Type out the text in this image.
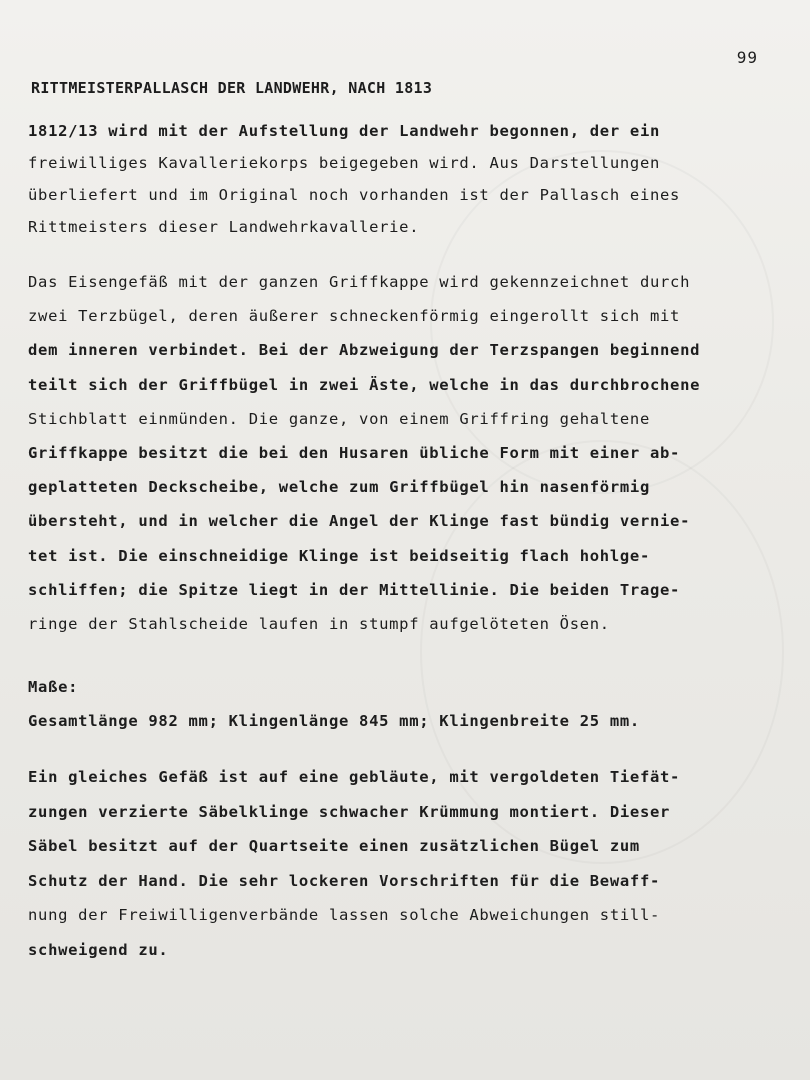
99
RITTMEISTERPALLASCH DER LANDWEHR, NACH 1813
1812/13 wird mit der Aufstellung der Landwehr begonnen, der ein
freiwilliges Kavalleriekorps beigegeben wird. Aus Darstellungen
überliefert und im Original noch vorhanden ist der Pallasch eines
Rittmeisters dieser Landwehrkavallerie.
Das Eisengefäß mit der ganzen Griffkappe wird gekennzeichnet durch
zwei Terzbügel, deren äußerer schneckenförmig eingerollt sich mit
dem inneren verbindet. Bei der Abzweigung der Terzspangen beginnend
teilt sich der Griffbügel in zwei Äste, welche in das durchbrochene
Stichblatt einmünden. Die ganze, von einem Griffring gehaltene
Griffkappe besitzt die bei den Husaren übliche Form mit einer ab-
geplatteten Deckscheibe, welche zum Griffbügel hin nasenförmig
übersteht, und in welcher die Angel der Klinge fast bündig vernie-
tet ist. Die einschneidige Klinge ist beidseitig flach hohlge-
schliffen; die Spitze liegt in der Mittellinie. Die beiden Trage-
ringe der Stahlscheide laufen in stumpf aufgelöteten Ösen.
Maße:
Gesamtlänge 982 mm; Klingenlänge 845 mm; Klingenbreite 25 mm.
Ein gleiches Gefäß ist auf eine gebläute, mit vergoldeten Tiefät-
zungen verzierte Säbelklinge schwacher Krümmung montiert. Dieser
Säbel besitzt auf der Quartseite einen zusätzlichen Bügel zum
Schutz der Hand. Die sehr lockeren Vorschriften für die Bewaff-
nung der Freiwilligenverbände lassen solche Abweichungen still-
schweigend zu.
